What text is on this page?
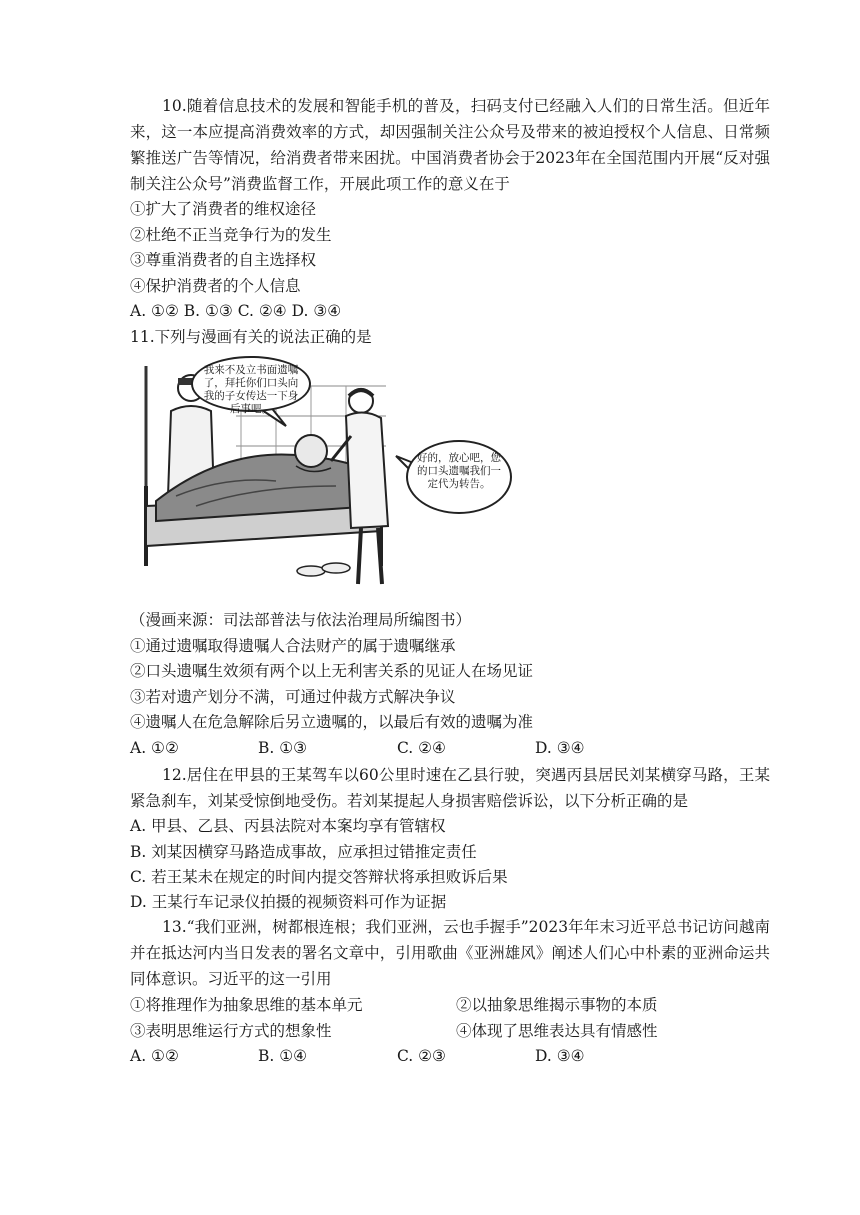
10.随着信息技术的发展和智能手机的普及，扫码支付已经融入人们的日常生活。但近年来，这一本应提高消费效率的方式，却因强制关注公众号及带来的被迫授权个人信息、日常频繁推送广告等情况，给消费者带来困扰。中国消费者协会于2023年在全国范围内开展“反对强制关注公众号”消费监督工作，开展此项工作的意义在于

①扩大了消费者的维权途径
②杜绝不正当竞争行为的发生
③尊重消费者的自主选择权
④保护消费者的个人信息
A. ①② B. ①③ C. ②④ D. ③④
11.下列与漫画有关的说法正确的是
我来不及立书面遗嘱了，拜托你们口头向我的子女传达一下身后事吧。
好的，放心吧，您的口头遗嘱我们一定代为转告。
（漫画来源：司法部普法与依法治理局所编图书）
①通过遗嘱取得遗嘱人合法财产的属于遗嘱继承
②口头遗嘱生效须有两个以上无利害关系的见证人在场见证
③若对遗产划分不满，可通过仲裁方式解决争议
④遗嘱人在危急解除后另立遗嘱的，以最后有效的遗嘱为准
A. ①②	B. ①③	C. ②④	D. ③④

12.居住在甲县的王某驾车以60公里时速在乙县行驶，突遇丙县居民刘某横穿马路，王某紧急刹车，刘某受惊倒地受伤。若刘某提起人身损害赔偿诉讼，以下分析正确的是

A. 甲县、乙县、丙县法院对本案均享有管辖权
B. 刘某因横穿马路造成事故，应承担过错推定责任
C. 若王某未在规定的时间内提交答辩状将承担败诉后果
D. 王某行车记录仪拍摄的视频资料可作为证据

13.“我们亚洲，树都根连根；我们亚洲，云也手握手”2023年年末习近平总书记访问越南并在抵达河内当日发表的署名文章中，引用歌曲《亚洲雄风》阐述人们心中朴素的亚洲命运共同体意识。习近平的这一引用

①将推理作为抽象思维的基本单元	②以抽象思维揭示事物的本质
③表明思维运行方式的想象性	④体现了思维表达具有情感性
A. ①②	B. ①④	C. ②③	D. ③④
